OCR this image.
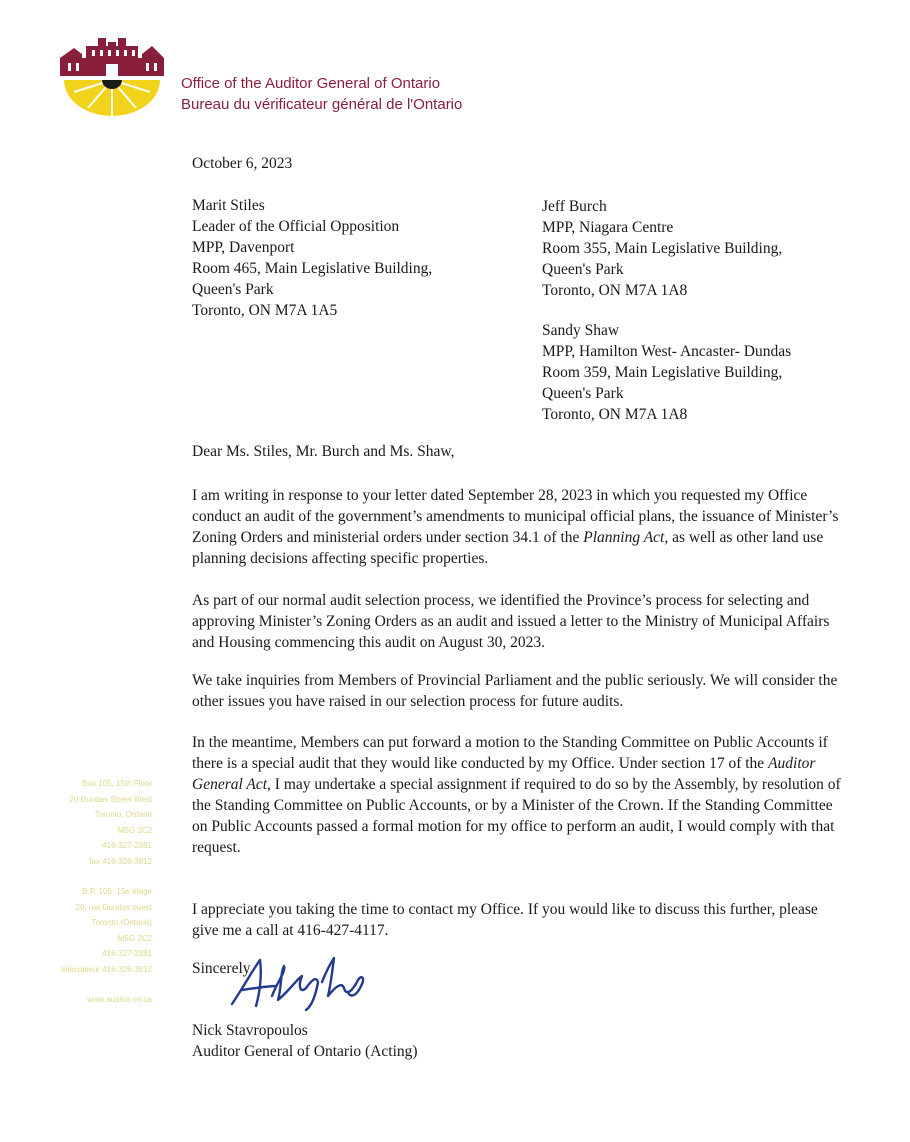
Office of the Auditor General of Ontario
Bureau du vérificateur général de l'Ontario
October 6, 2023
Marit Stiles
Leader of the Official Opposition
MPP, Davenport
Room 465, Main Legislative Building,
Queen's Park
Toronto, ON M7A 1A5
Jeff Burch
MPP, Niagara Centre
Room 355, Main Legislative Building,
Queen's Park
Toronto, ON M7A 1A8
Sandy Shaw
MPP, Hamilton West- Ancaster- Dundas
Room 359, Main Legislative Building,
Queen's Park
Toronto, ON M7A 1A8
Dear Ms. Stiles, Mr. Burch and Ms. Shaw,
I am writing in response to your letter dated September 28, 2023 in which you requested my Office conduct an audit of the government’s amendments to municipal official plans, the issuance of Minister’s Zoning Orders and ministerial orders under section 34.1 of the Planning Act, as well as other land use planning decisions affecting specific properties.
As part of our normal audit selection process, we identified the Province’s process for selecting and approving Minister’s Zoning Orders as an audit and issued a letter to the Ministry of Municipal Affairs and Housing commencing this audit on August 30, 2023.
We take inquiries from Members of Provincial Parliament and the public seriously. We will consider the other issues you have raised in our selection process for future audits.
In the meantime, Members can put forward a motion to the Standing Committee on Public Accounts if there is a special audit that they would like conducted by my Office. Under section 17 of the Auditor General Act, I may undertake a special assignment if required to do so by the Assembly, by resolution of the Standing Committee on Public Accounts, or by a Minister of the Crown. If the Standing Committee on Public Accounts passed a formal motion for my office to perform an audit, I would comply with that request.
I appreciate you taking the time to contact my Office. If you would like to discuss this further, please give me a call at 416-427-4117.
Sincerely,
Nick Stavropoulos
Auditor General of Ontario (Acting)
Box 105, 15th Floor
20 Dundas Street West
Toronto, Ontario
M5G 2C2
416-327-2381
fax 416-326-3812
B.P. 105, 15e étage
20, rue Dundas ouest
Toronto (Ontario)
M5G 2C2
416-327-2381
télécopieur 416-326-3812
www.auditor.on.ca
